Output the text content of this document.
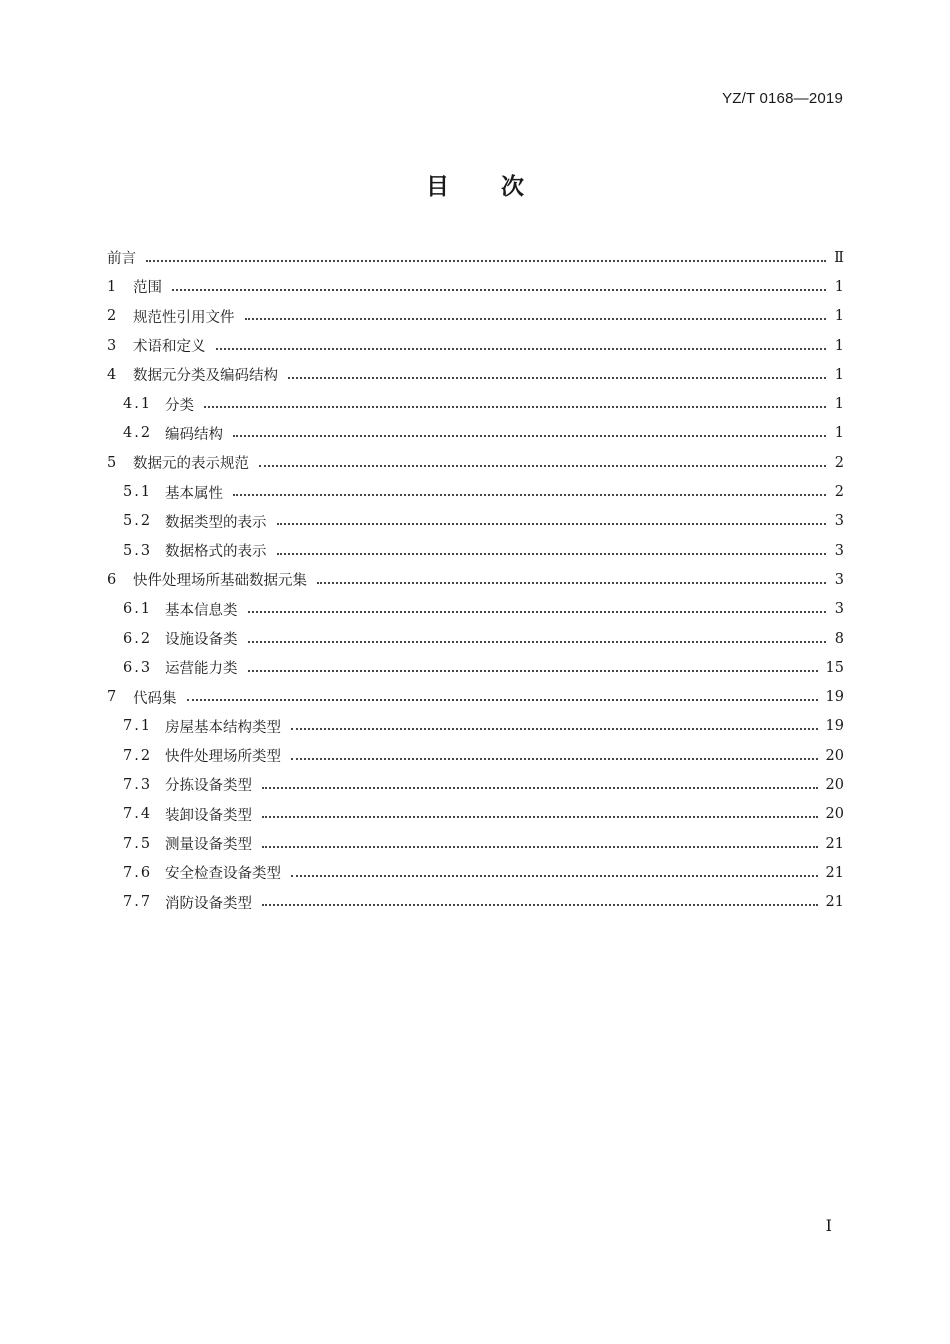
YZ/T 0168—2019
目 次
前言	Ⅱ
1	范围	1
2	规范性引用文件	1
3	术语和定义	1
4	数据元分类及编码结构	1
4.1 分类	1
4.2 编码结构	1
5	数据元的表示规范	2
5.1 基本属性	2
5.2 数据类型的表示	3
5.3 数据格式的表示	3
6	快件处理场所基础数据元集	3
6.1 基本信息类	3
6.2 设施设备类	8
6.3 运营能力类	15
7	代码集	19
7.1 房屋基本结构类型	19
7.2 快件处理场所类型	20
7.3 分拣设备类型	20
7.4 装卸设备类型	20
7.5 测量设备类型	21
7.6 安全检查设备类型	21
7.7 消防设备类型	21
I
